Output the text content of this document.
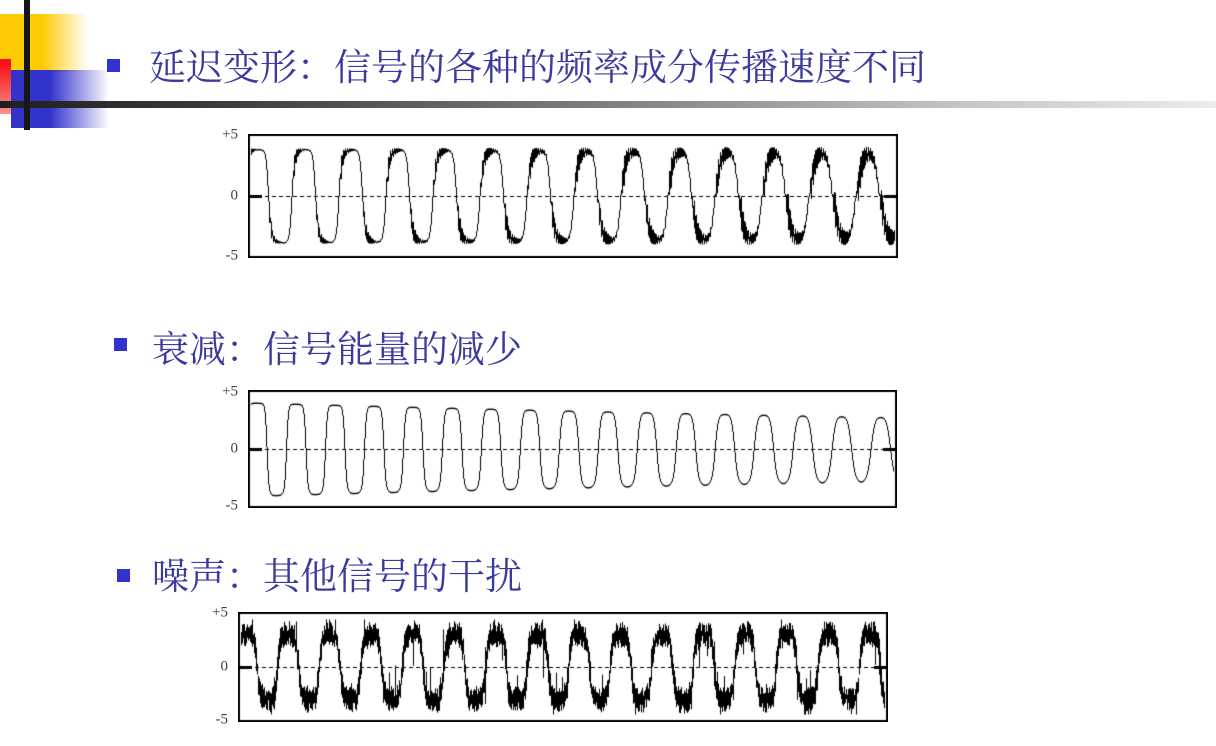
延迟变形：信号的各种的频率成分传播速度不同
+5
0
-5
衰减：信号能量的减少
+5
0
-5
噪声：其他信号的干扰
+5
0
-5
